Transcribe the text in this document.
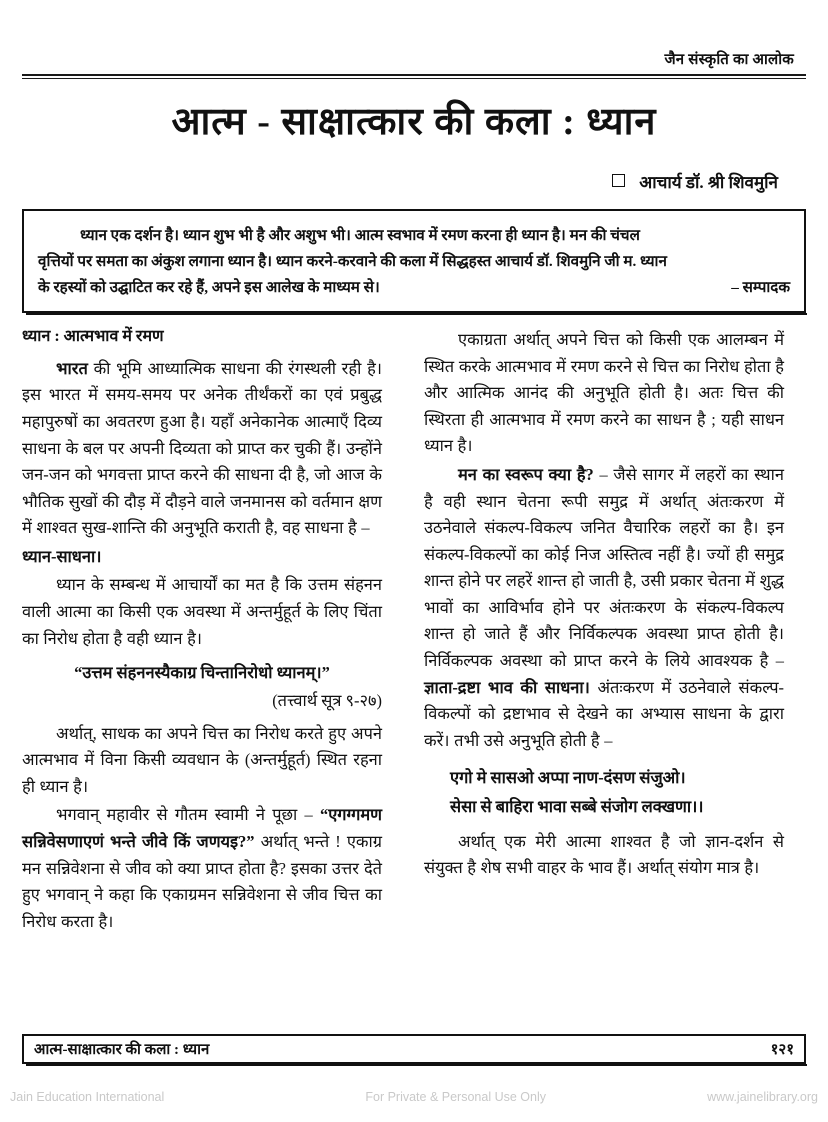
जैन संस्कृति का आलोक
आत्म - साक्षात्कार की कला : ध्यान
आचार्य डॉ. श्री शिवमुनि
ध्यान एक दर्शन है। ध्यान शुभ भी है और अशुभ भी। आत्म स्वभाव में रमण करना ही ध्यान है। मन की चंचल
वृत्तियों पर समता का अंकुश लगाना ध्यान है। ध्यान करने-करवाने की कला में सिद्धहस्त आचार्य डॉ. शिवमुनि जी म. ध्यान
के रहस्यों को उद्घाटित कर रहे हैं, अपने इस आलेख के माध्यम से।	– सम्पादक
ध्यान : आत्मभाव में रमण

भारत की भूमि आध्यात्मिक साधना की रंगस्थली रही है। इस भारत में समय-समय पर अनेक तीर्थंकरों का एवं प्रबुद्ध महापुरुषों का अवतरण हुआ है। यहाँ अनेकानेक आत्माएँ दिव्य साधना के बल पर अपनी दिव्यता को प्राप्त कर चुकी हैं। उन्होंने जन-जन को भगवत्ता प्राप्त करने की साधना दी है, जो आज के भौतिक सुखों की दौड़ में दौड़ने वाले जनमानस को वर्तमान क्षण में शाश्वत सुख-शान्ति की अनुभूति कराती है, वह साधना है –

ध्यान-साधना।

ध्यान के सम्बन्ध में आचार्यों का मत है कि उत्तम संहनन वाली आत्मा का किसी एक अवस्था में अन्तर्मुहूर्त के लिए चिंता का निरोध होता है वही ध्यान है।

“उत्तम संहननस्यैकाग्र चिन्तानिरोधो ध्यानम्।”

(तत्त्वार्थ सूत्र ९-२७)

अर्थात्, साधक का अपने चित्त का निरोध करते हुए अपने आत्मभाव में विना किसी व्यवधान के (अन्तर्मुहूर्त) स्थित रहना ही ध्यान है।

भगवान् महावीर से गौतम स्वामी ने पूछा – “एगग्गमण सन्निवेसणाएणं भन्ते जीवे किं जणयइ?” अर्थात् भन्ते ! एकाग्र मन सन्निवेशना से जीव को क्या प्राप्त होता है? इसका उत्तर देते हुए भगवान् ने कहा कि एकाग्रमन सन्निवेशना से जीव चित्त का निरोध करता है।

एकाग्रता अर्थात् अपने चित्त को किसी एक आलम्बन में स्थित करके आत्मभाव में रमण करने से चित्त का निरोध होता है और आत्मिक आनंद की अनुभूति होती है। अतः चित्त की स्थिरता ही आत्मभाव में रमण करने का साधन है ; यही साधन ध्यान है।

मन का स्वरूप क्या है? – जैसे सागर में लहरों का स्थान है वही स्थान चेतना रूपी समुद्र में अर्थात् अंतःकरण में उठनेवाले संकल्प-विकल्प जनित वैचारिक लहरों का है। इन संकल्प-विकल्पों का कोई निज अस्तित्व नहीं है। ज्यों ही समुद्र शान्त होने पर लहरें शान्त हो जाती है, उसी प्रकार चेतना में शुद्ध भावों का आविर्भाव होने पर अंतःकरण के संकल्प-विकल्प शान्त हो जाते हैं और निर्विकल्पक अवस्था प्राप्त होती है। निर्विकल्पक अवस्था को प्राप्त करने के लिये आवश्यक है – ज्ञाता-द्रष्टा भाव की साधना। अंतःकरण में उठनेवाले संकल्प-विकल्पों को द्रष्टाभाव से देखने का अभ्यास साधना के द्वारा करें। तभी उसे अनुभूति होती है –

एगो मे सासओ अप्पा नाण-दंसण संजुओ।
सेसा से बाहिरा भावा सब्बे संजोग लक्खणा।।

अर्थात् एक मेरी आत्मा शाश्वत है जो ज्ञान-दर्शन से संयुक्त है शेष सभी वाहर के भाव हैं। अर्थात् संयोग मात्र है।

आत्म-साक्षात्कार की कला : ध्यान	१२१
Jain Education International	For Private & Personal Use Only	www.jainelibrary.org
